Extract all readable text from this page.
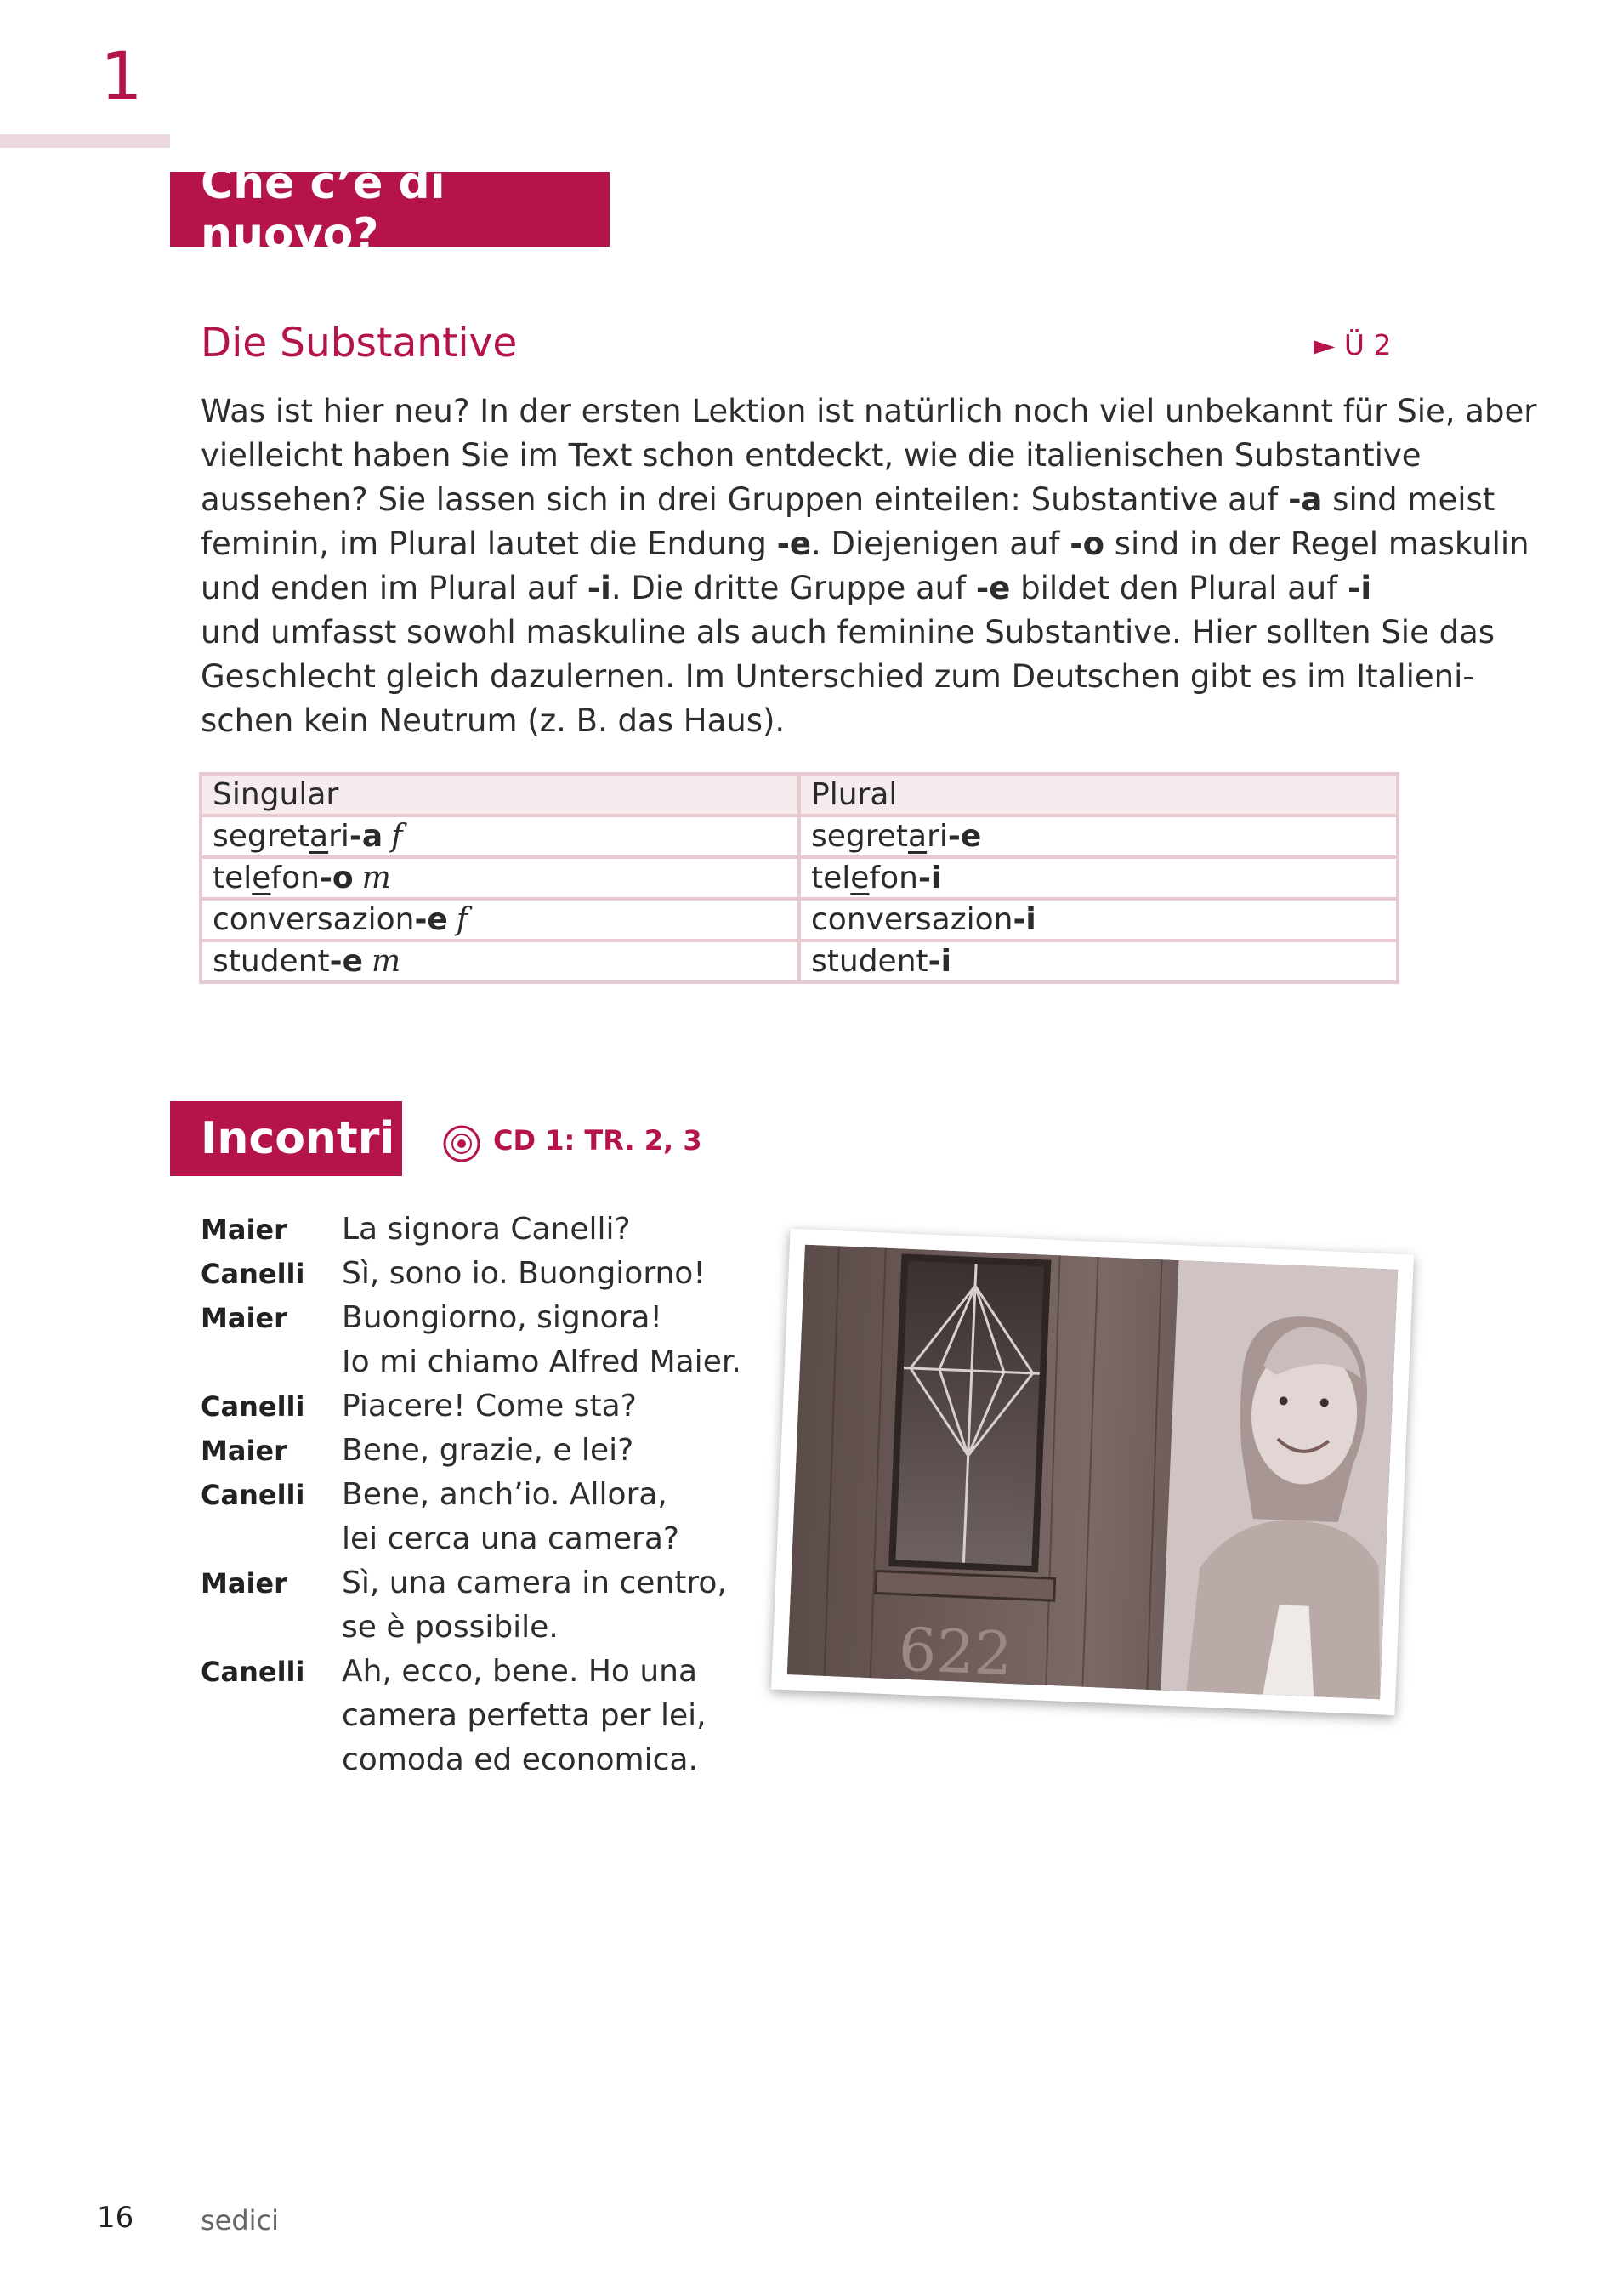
1
Che c’è di nuovo?
Die Substantive	► Ü 2
Was ist hier neu? In der ersten Lektion ist natürlich noch viel unbekannt für Sie, aber
vielleicht haben Sie im Text schon entdeckt, wie die italienischen Substantive
aussehen? Sie lassen sich in drei Gruppen einteilen: Substantive auf -a sind meist
feminin, im Plural lautet die Endung -e. Diejenigen auf -o sind in der Regel maskulin
und enden im Plural auf -i. Die dritte Gruppe auf -e bildet den Plural auf -i
und umfasst sowohl maskuline als auch feminine Substantive. Hier sollten Sie das
Geschlecht gleich dazulernen. Im Unterschied zum Deutschen gibt es im Italieni-
schen kein Neutrum (z. B. das Haus).
Singular	Plural
segretari-a f	segretari-e
telefon-o m	telefon-i
conversazion-e f	conversazion-i
student-e m	student-i
Incontri	CD 1: TR. 2, 3
Maier La signora Canelli?
Canelli Sì, sono io. Buongiorno!
Maier Buongiorno, signora!
Io mi chiamo Alfred Maier.
Canelli Piacere! Come sta?
Maier Bene, grazie, e lei?
Canelli Bene, anch’io. Allora,
lei cerca una camera?
Maier Sì, una camera in centro,
se è possibile.
Canelli Ah, ecco, bene. Ho una
camera perfetta per lei,
comoda ed economica.
622
16 sedici
